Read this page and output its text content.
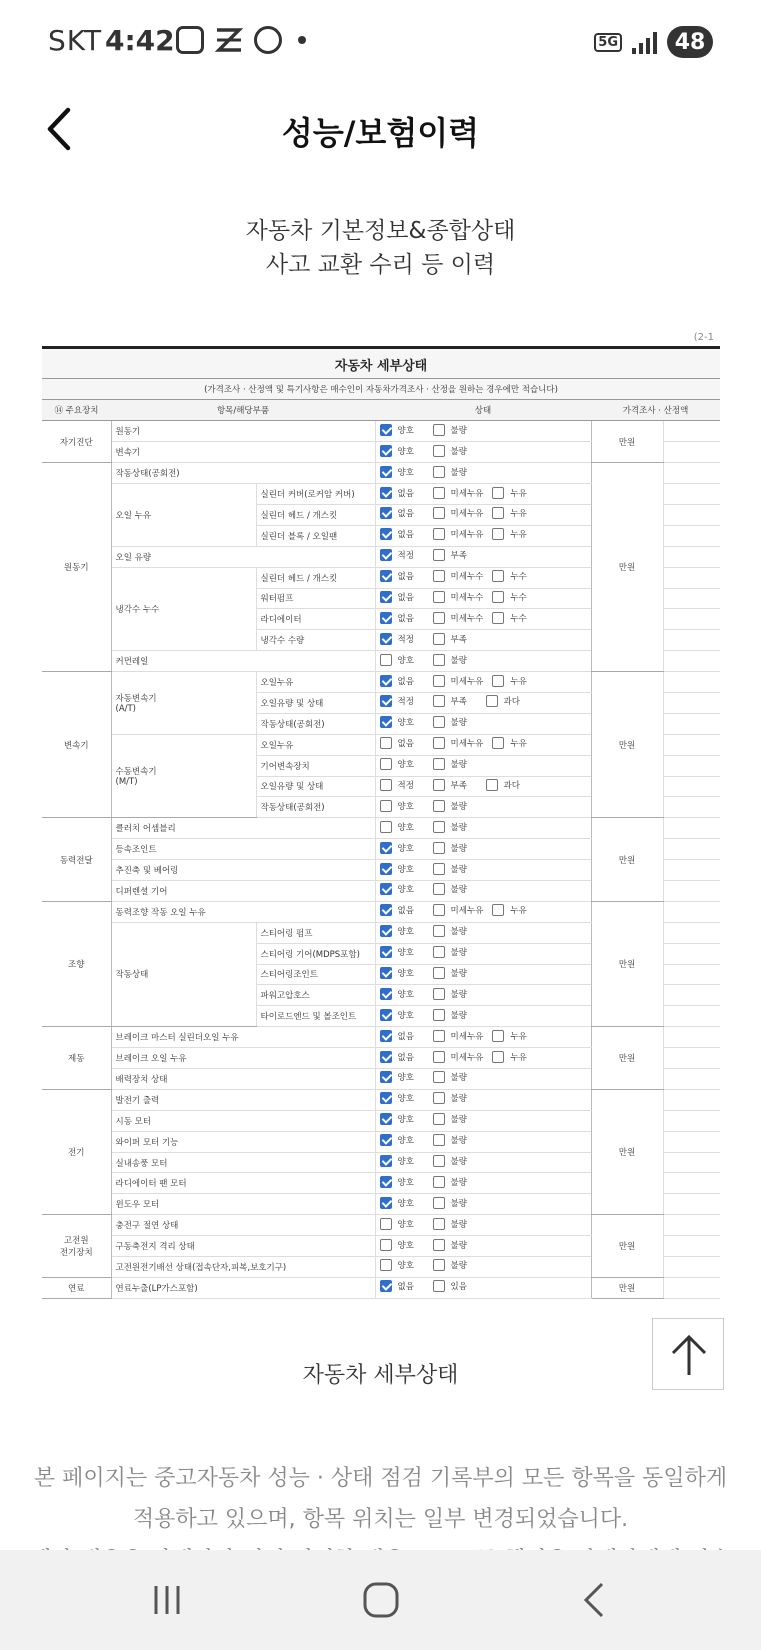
SKT 4:42	5G	48
성능/보험이력
자동차 기본정보&종합상태
사고 교환 수리 등 이력
(2-1
자동차 세부상태
(가격조사 · 산정액 및 특기사항은 매수인이 자동차가격조사 · 산정을 원하는 경우에만 적습니다)
⑭ 주요장치	항목/해당부품		상태	가격조사 · 산정액	
자기진단	원동기		양호 불량	만원	
	변속기		양호 불량		

원동기	작동상태(공회전)		양호 불량	만원	
	오일 누유	실린더 커버(로커암 커버)	없음 미세누유 누유		

		실린더 헤드 / 개스킷	없음 미세누유 누유		

		실린더 블록 / 오일팬	없음 미세누유 누유		

	오일 유량		적정 부족		

	냉각수 누수	실린더 헤드 / 개스킷	없음 미세누수 누수		

		워터펌프	없음 미세누수 누수		

		라디에이터	없음 미세누수 누수		

		냉각수 수량	적정 부족		

	커먼레일		양호 불량		

변속기	자동변속기
(A/T)	오일누유	없음 미세누유 누유	만원	
		오일유량 및 상태	적정 부족 과다		

		작동상태(공회전)	양호 불량		

	수동변속기
(M/T)	오일누유	없음 미세누유 누유		

		기어변속장치	양호 불량		

		오일유량 및 상태	적정 부족 과다		

		작동상태(공회전)	양호 불량		

동력전달	클러치 어셈블리		양호 불량	만원	
	등속조인트		양호 불량		

	추진축 및 베어링		양호 불량		

	디퍼렌셜 기어		양호 불량		

조향	동력조향 작동 오일 누유		없음 미세누유 누유	만원	
	작동상태	스티어링 펌프	양호 불량		

		스티어링 기어(MDPS포함)	양호 불량		

		스티어링조인트	양호 불량		

		파워고압호스	양호 불량		

		타이로드엔드 및 볼조인트	양호 불량		

제동	브레이크 마스터 실린더오일 누유		없음 미세누유 누유	만원	
	브레이크 오일 누유		없음 미세누유 누유		

	배력장치 상태		양호 불량		

전기	발전기 출력		양호 불량	만원	
	시동 모터		양호 불량		

	와이퍼 모터 기능		양호 불량		

	실내송풍 모터		양호 불량		

	라디에이터 팬 모터		양호 불량		

	윈도우 모터		양호 불량		

고전원
전기장치	충전구 절연 상태		양호 불량	만원	
	구동축전지 격리 상태		양호 불량		

	고전원전기배선 상태(접속단자,피복,보호기구)		양호 불량		

연료	연료누출(LP가스포함)		없음 있음	만원	
자동차 세부상태
본 페이지는 중고자동차 성능 · 상태 점검 기록부의 모든 항목을 동일하게
적용하고 있으며, 항목 위치는 일부 변경되었습니다.
